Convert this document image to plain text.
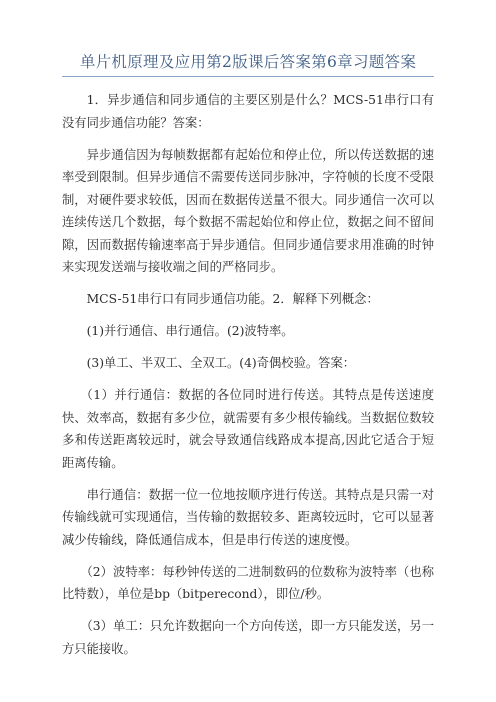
单片机原理及应用第2版课后答案第6章习题答案

1．异步通信和同步通信的主要区别是什么？MCS-51串行口有没有同步通信功能？答案：

异步通信因为每帧数据都有起始位和停止位，所以传送数据的速率受到限制。但异步通信不需要传送同步脉冲，字符帧的长度不受限制，对硬件要求较低，因而在数据传送量不很大。同步通信一次可以连续传送几个数据，每个数据不需起始位和停止位，数据之间不留间隙，因而数据传输速率高于异步通信。但同步通信要求用准确的时钟来实现发送端与接收端之间的严格同步。

MCS-51串行口有同步通信功能。2．解释下列概念：

(1)并行通信、串行通信。(2)波特率。

(3)单工、半双工、全双工。(4)奇偶校验。答案：

（1）并行通信：数据的各位同时进行传送。其特点是传送速度快、效率高，数据有多少位，就需要有多少根传输线。当数据位数较多和传送距离较远时，就会导致通信线路成本提高,因此它适合于短距离传输。

串行通信：数据一位一位地按顺序进行传送。其特点是只需一对传输线就可实现通信，当传输的数据较多、距离较远时，它可以显著减少传输线，降低通信成本，但是串行传送的速度慢。

（2）波特率：每秒钟传送的二进制数码的位数称为波特率（也称比特数），单位是bp（bitperecond），即位/秒。

（3）单工：只允许数据向一个方向传送，即一方只能发送，另一方只能接收。
